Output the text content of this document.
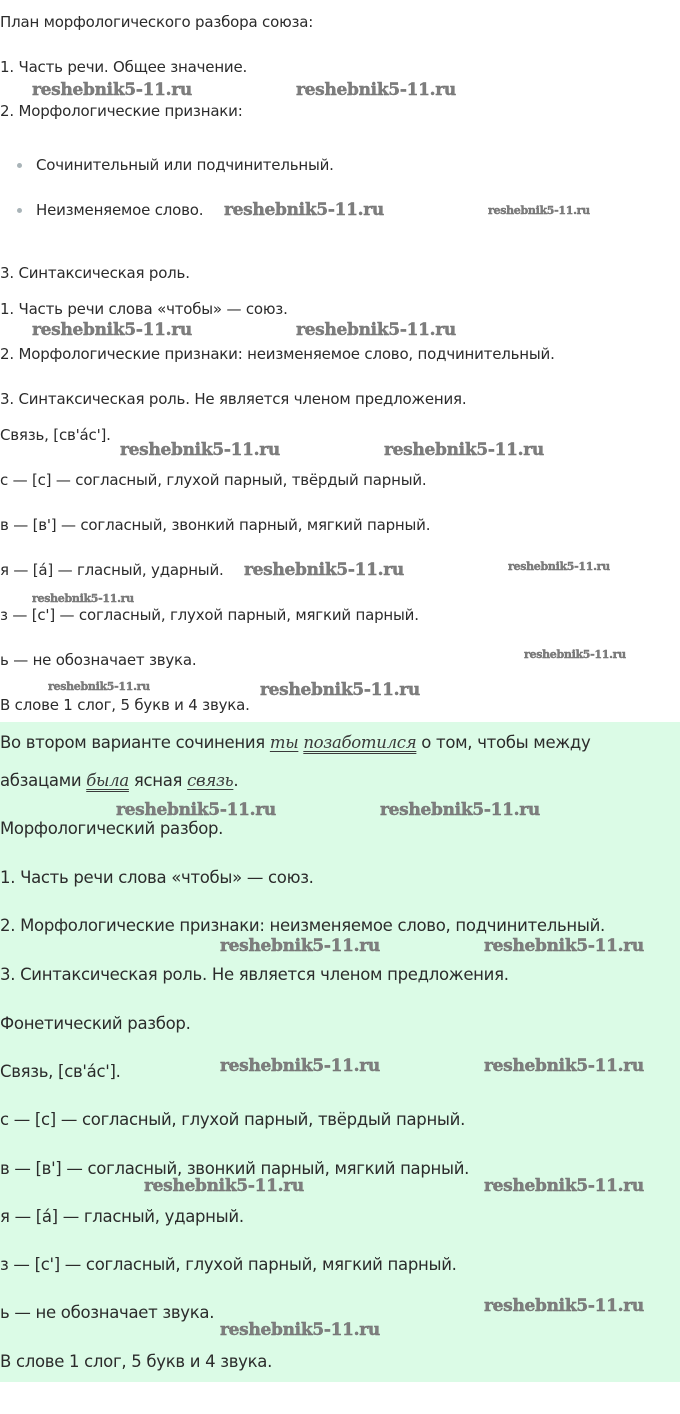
План морфологического разбора союза:
1. Часть речи. Общее значение.
2. Морфологические признаки:
Сочинительный или подчинительный.
Неизменяемое слово.
3. Синтаксическая роль.
1. Часть речи слова «чтобы» — союз.
2. Морфологические признаки: неизменяемое слово, подчинительный.
3. Синтаксическая роль. Не является членом предложения.
Связь, [св'а́с'].
с — [с] — согласный, глухой парный, твёрдый парный.
в — [в'] — согласный, звонкий парный, мягкий парный.
я — [а́] — гласный, ударный.
з — [с'] — согласный, глухой парный, мягкий парный.
ь — не обозначает звука.
В слове 1 слог, 5 букв и 4 звука.
Во втором варианте сочинения ты позаботился о том, чтобы между
абзацами была ясная связь.
Морфологический разбор.
1. Часть речи слова «чтобы» — союз.
2. Морфологические признаки: неизменяемое слово, подчинительный.
3. Синтаксическая роль. Не является членом предложения.
Фонетический разбор.
Связь, [св'а́с'].
с — [с] — согласный, глухой парный, твёрдый парный.
в — [в'] — согласный, звонкий парный, мягкий парный.
я — [а́] — гласный, ударный.
з — [с'] — согласный, глухой парный, мягкий парный.
ь — не обозначает звука.
В слове 1 слог, 5 букв и 4 звука.
reshebnik5-11.ru	reshebnik5-11.ru
reshebnik5-11.ru	reshebnik5-11.ru
reshebnik5-11.ru	reshebnik5-11.ru
reshebnik5-11.ru	reshebnik5-11.ru
reshebnik5-11.ru	reshebnik5-11.ru
reshebnik5-11.ru
reshebnik5-11.ru
reshebnik5-11.ru	reshebnik5-11.ru
reshebnik5-11.ru	reshebnik5-11.ru
reshebnik5-11.ru	reshebnik5-11.ru
reshebnik5-11.ru	reshebnik5-11.ru
reshebnik5-11.ru	reshebnik5-11.ru
reshebnik5-11.ru
reshebnik5-11.ru
